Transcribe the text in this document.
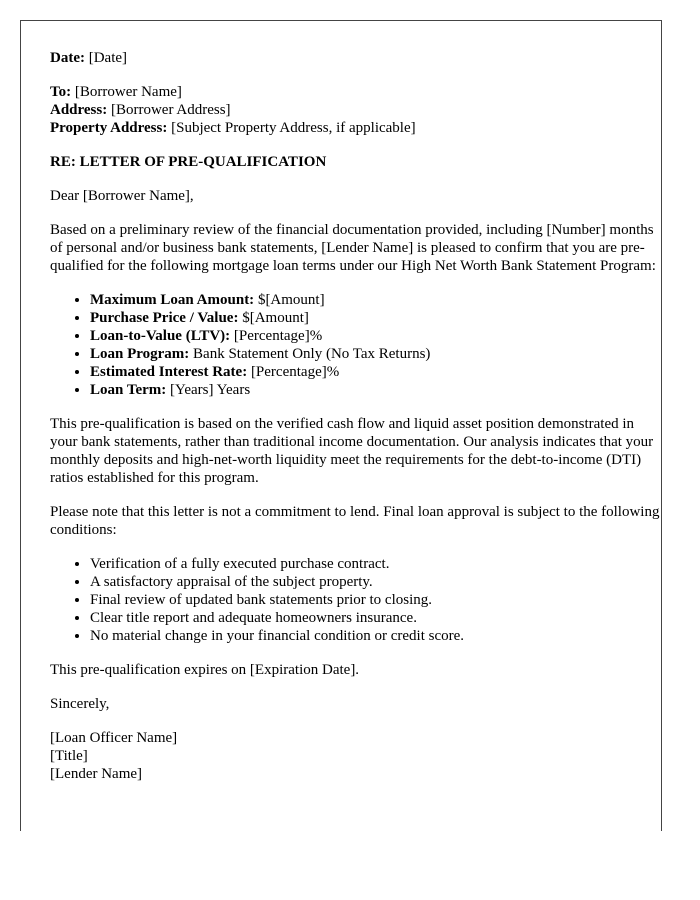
Date: [Date]

To: [Borrower Name]
Address: [Borrower Address]
Property Address: [Subject Property Address, if applicable]

RE: LETTER OF PRE-QUALIFICATION

Dear [Borrower Name],

Based on a preliminary review of the financial documentation provided, including [Number] months of personal and/or business bank statements, [Lender Name] is pleased to confirm that you are pre-qualified for the following mortgage loan terms under our High Net Worth Bank Statement Program:

• Maximum Loan Amount: $[Amount]
• Purchase Price / Value: $[Amount]
• Loan-to-Value (LTV): [Percentage]%
• Loan Program: Bank Statement Only (No Tax Returns)
• Estimated Interest Rate: [Percentage]%
• Loan Term: [Years] Years

This pre-qualification is based on the verified cash flow and liquid asset position demonstrated in your bank statements, rather than traditional income documentation. Our analysis indicates that your monthly deposits and high-net-worth liquidity meet the requirements for the debt-to-income (DTI) ratios established for this program.

Please note that this letter is not a commitment to lend. Final loan approval is subject to the following conditions:

• Verification of a fully executed purchase contract.
• A satisfactory appraisal of the subject property.
• Final review of updated bank statements prior to closing.
• Clear title report and adequate homeowners insurance.
• No material change in your financial condition or credit score.

This pre-qualification expires on [Expiration Date].

Sincerely,

[Loan Officer Name]
[Title]
[Lender Name]
